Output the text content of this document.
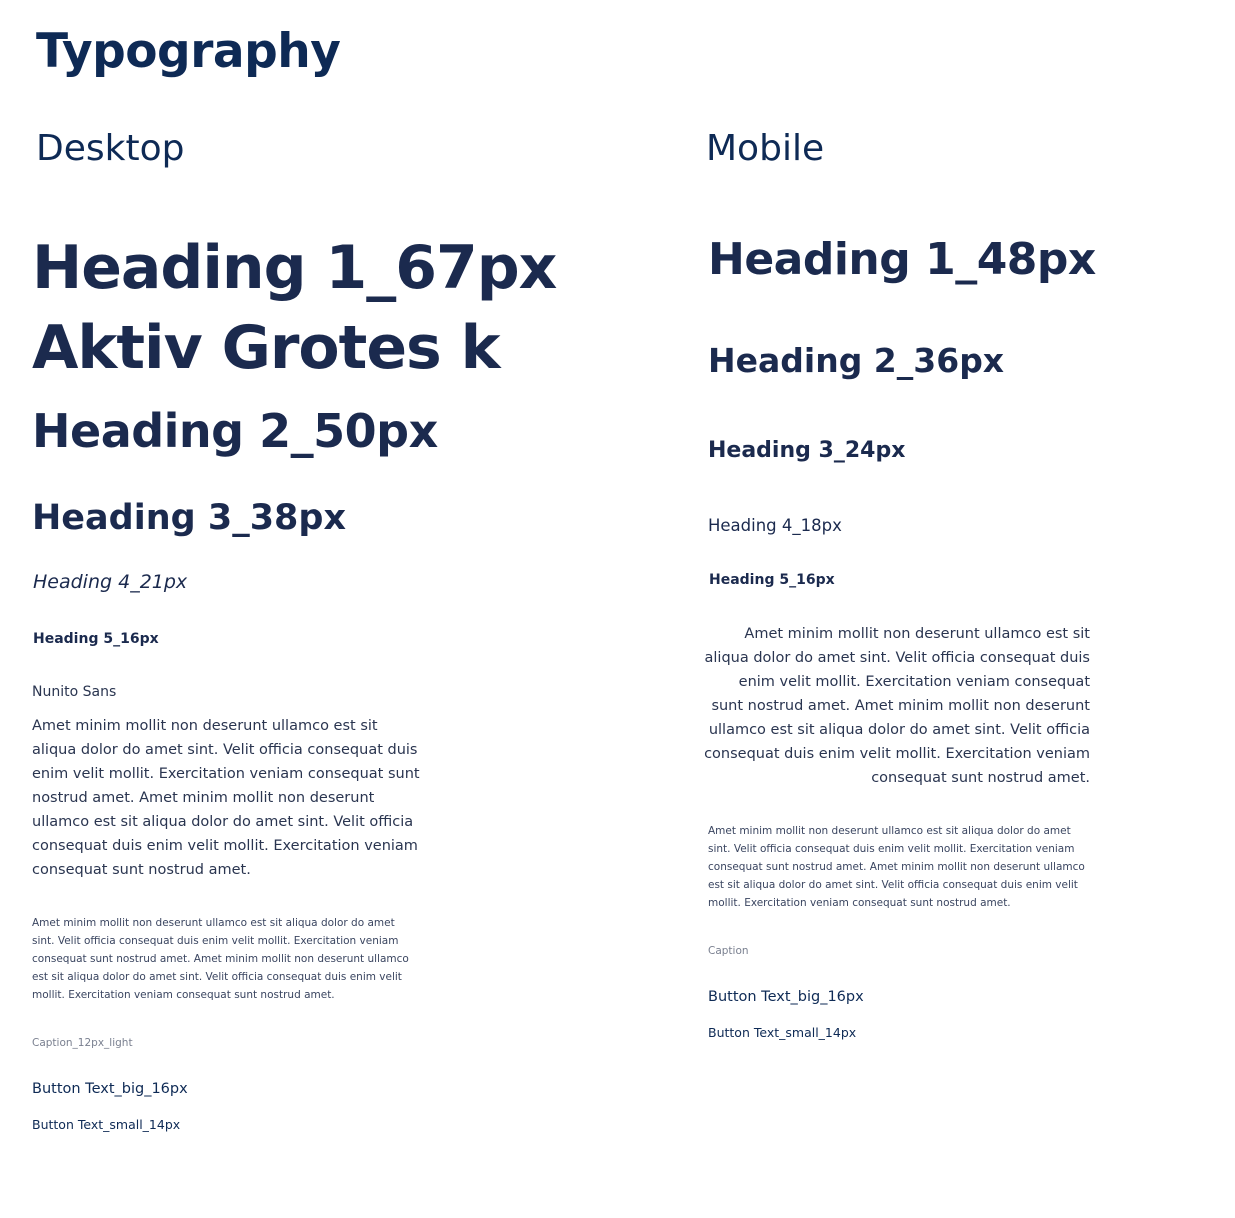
Typography
Desktop
Heading 1_67px
Aktiv Grotes k
Heading 2_50px
Heading 3_38px
Heading 4_21px
Heading 5_16px
Nunito Sans
Amet minim mollit non deserunt ullamco est sit aliqua dolor do amet sint. Velit officia consequat duis enim velit mollit. Exercitation veniam consequat sunt nostrud amet. Amet minim mollit non deserunt ullamco est sit aliqua dolor do amet sint. Velit officia consequat duis enim velit mollit. Exercitation veniam consequat sunt nostrud amet.
Amet minim mollit non deserunt ullamco est sit aliqua dolor do amet sint. Velit officia consequat duis enim velit mollit. Exercitation veniam consequat sunt nostrud amet. Amet minim mollit non deserunt ullamco est sit aliqua dolor do amet sint. Velit officia consequat duis enim velit mollit. Exercitation veniam consequat sunt nostrud amet.
Caption_12px_light
Button Text_big_16px
Button Text_small_14px
Mobile
Heading 1_48px
Heading 2_36px
Heading 3_24px
Heading 4_18px
Heading 5_16px
Amet minim mollit non deserunt ullamco est sit aliqua dolor do amet sint. Velit officia consequat duis enim velit mollit. Exercitation veniam consequat sunt nostrud amet. Amet minim mollit non deserunt ullamco est sit aliqua dolor do amet sint. Velit officia consequat duis enim velit mollit. Exercitation veniam consequat sunt nostrud amet.
Amet minim mollit non deserunt ullamco est sit aliqua dolor do amet sint. Velit officia consequat duis enim velit mollit. Exercitation veniam consequat sunt nostrud amet. Amet minim mollit non deserunt ullamco est sit aliqua dolor do amet sint. Velit officia consequat duis enim velit mollit. Exercitation veniam consequat sunt nostrud amet.
Caption
Button Text_big_16px
Button Text_small_14px
